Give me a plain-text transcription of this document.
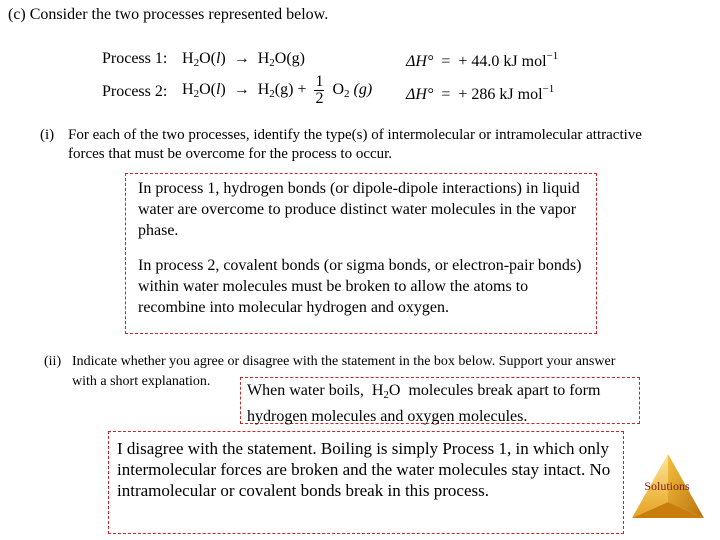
(c) Consider the two processes represented below.
Process 1: $H_2O(l) \to H_2O(g)$	ΔH° = + 44.0 kJ mol$^{-1}$
Process 2: $H_2O(l) \to H_2(g) + \frac{1}{2} O_2$ (g) ΔH° = + 286 kJ mol$^{-1}$
(i) For each of the two processes, identify the type(s) of intermolecular or intramolecular attractive
forces that must be overcome for the process to occur.

In process 1, hydrogen bonds (or dipole-dipole interactions) in liquid water are overcome to produce distinct water molecules in the vapor phase.

In process 2, covalent bonds (or sigma bonds, or electron-pair bonds) within water molecules must be broken to allow the atoms to recombine into molecular hydrogen and oxygen.

(ii) Indicate whether you agree or disagree with the statement in the box below. Support your answer
with a short explanation.
When water boils, $H_2O$ molecules break apart to form hydrogen molecules and oxygen molecules.
I disagree with the statement. Boiling is simply Process 1, in which only intermolecular forces are broken and the water molecules stay intact. No intramolecular or covalent bonds break in this process.	Solutions
